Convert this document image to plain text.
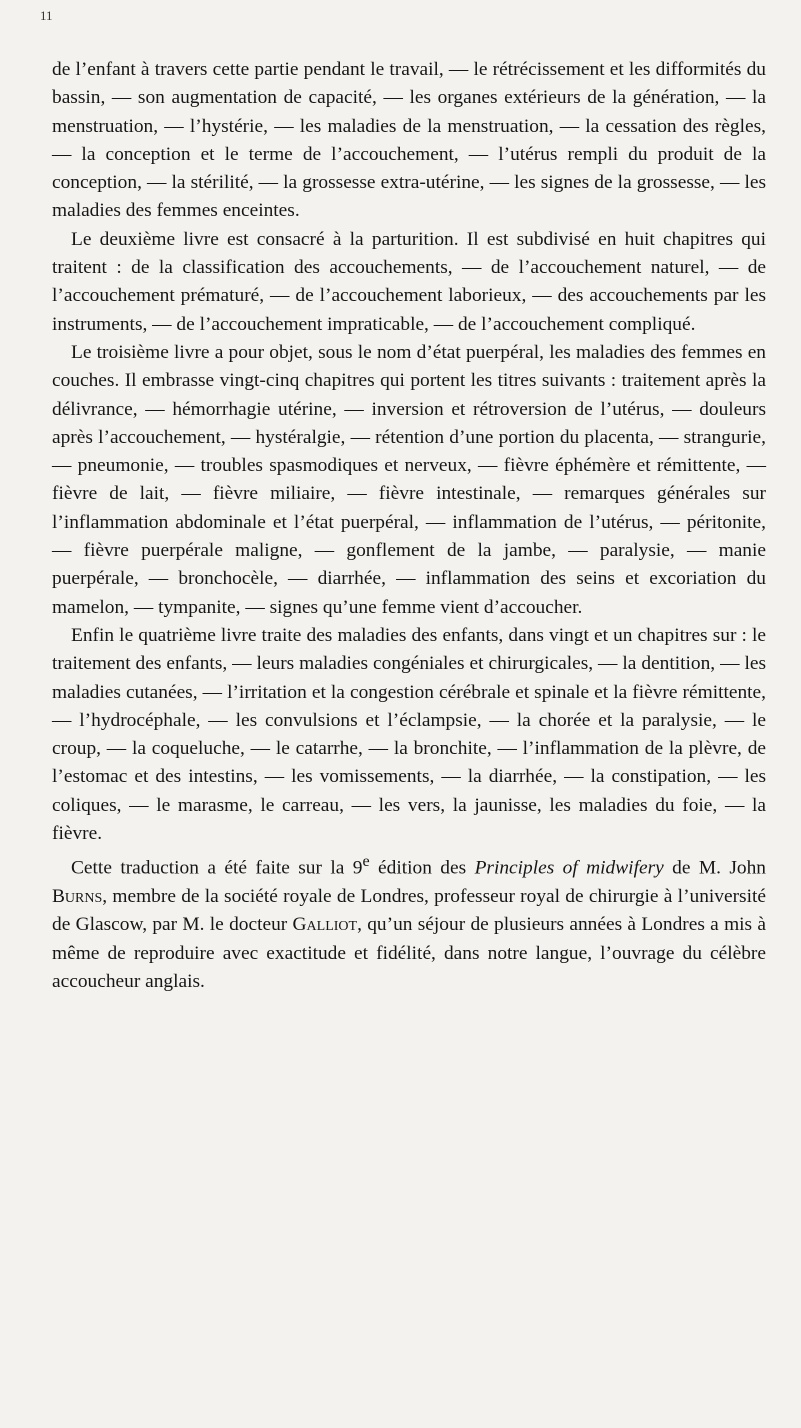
11

de l’enfant à travers cette partie pendant le travail, — le rétrécissement et les difformités du bassin, — son augmentation de capacité, — les organes extérieurs de la génération, — la menstruation, — l’hystérie, — les maladies de la menstruation, — la cessation des règles, — la conception et le terme de l’accouchement, — l’utérus rempli du produit de la conception, — la stérilité, — la grossesse extra-utérine, — les signes de la grossesse, — les maladies des femmes enceintes.

Le deuxième livre est consacré à la parturition. Il est subdivisé en huit chapitres qui traitent : de la classification des accouchements, — de l’accouchement naturel, — de l’accouchement prématuré, — de l’accouchement laborieux, — des accouchements par les instruments, — de l’accouchement impraticable, — de l’accouchement compliqué.

Le troisième livre a pour objet, sous le nom d’état puerpéral, les maladies des femmes en couches. Il embrasse vingt-cinq chapitres qui portent les titres suivants : traitement après la délivrance, — hémorrhagie utérine, — inversion et rétroversion de l’utérus, — douleurs après l’accouchement, — hystéralgie, — rétention d’une portion du placenta, — strangurie, — pneumonie, — troubles spasmodiques et nerveux, — fièvre éphémère et rémittente, — fièvre de lait, — fièvre miliaire, — fièvre intestinale, — remarques générales sur l’inflammation abdominale et l’état puerpéral, — inflammation de l’utérus, — péritonite, — fièvre puerpérale maligne, — gonflement de la jambe, — paralysie, — manie puerpérale, — bronchocèle, — diarrhée, — inflammation des seins et excoriation du mamelon, — tympanite, — signes qu’une femme vient d’accoucher.

Enfin le quatrième livre traite des maladies des enfants, dans vingt et un chapitres sur : le traitement des enfants, — leurs maladies congéniales et chirurgicales, — la dentition, — les maladies cutanées, — l’irritation et la congestion cérébrale et spinale et la fièvre rémittente, — l’hydrocéphale, — les convulsions et l’éclampsie, — la chorée et la paralysie, — le croup, — la coqueluche, — le catarrhe, — la bronchite, — l’inflammation de la plèvre, de l’estomac et des intestins, — les vomissements, — la diarrhée, — la constipation, — les coliques, — le marasme, le carreau, — les vers, la jaunisse, les maladies du foie, — la fièvre.

Cette traduction a été faite sur la 9e édition des Principles of midwifery de M. John Burns, membre de la société royale de Londres, professeur royal de chirurgie à l’université de Glascow, par M. le docteur Galliot, qu’un séjour de plusieurs années à Londres a mis à même de reproduire avec exactitude et fidélité, dans notre langue, l’ouvrage du célèbre accoucheur anglais.
